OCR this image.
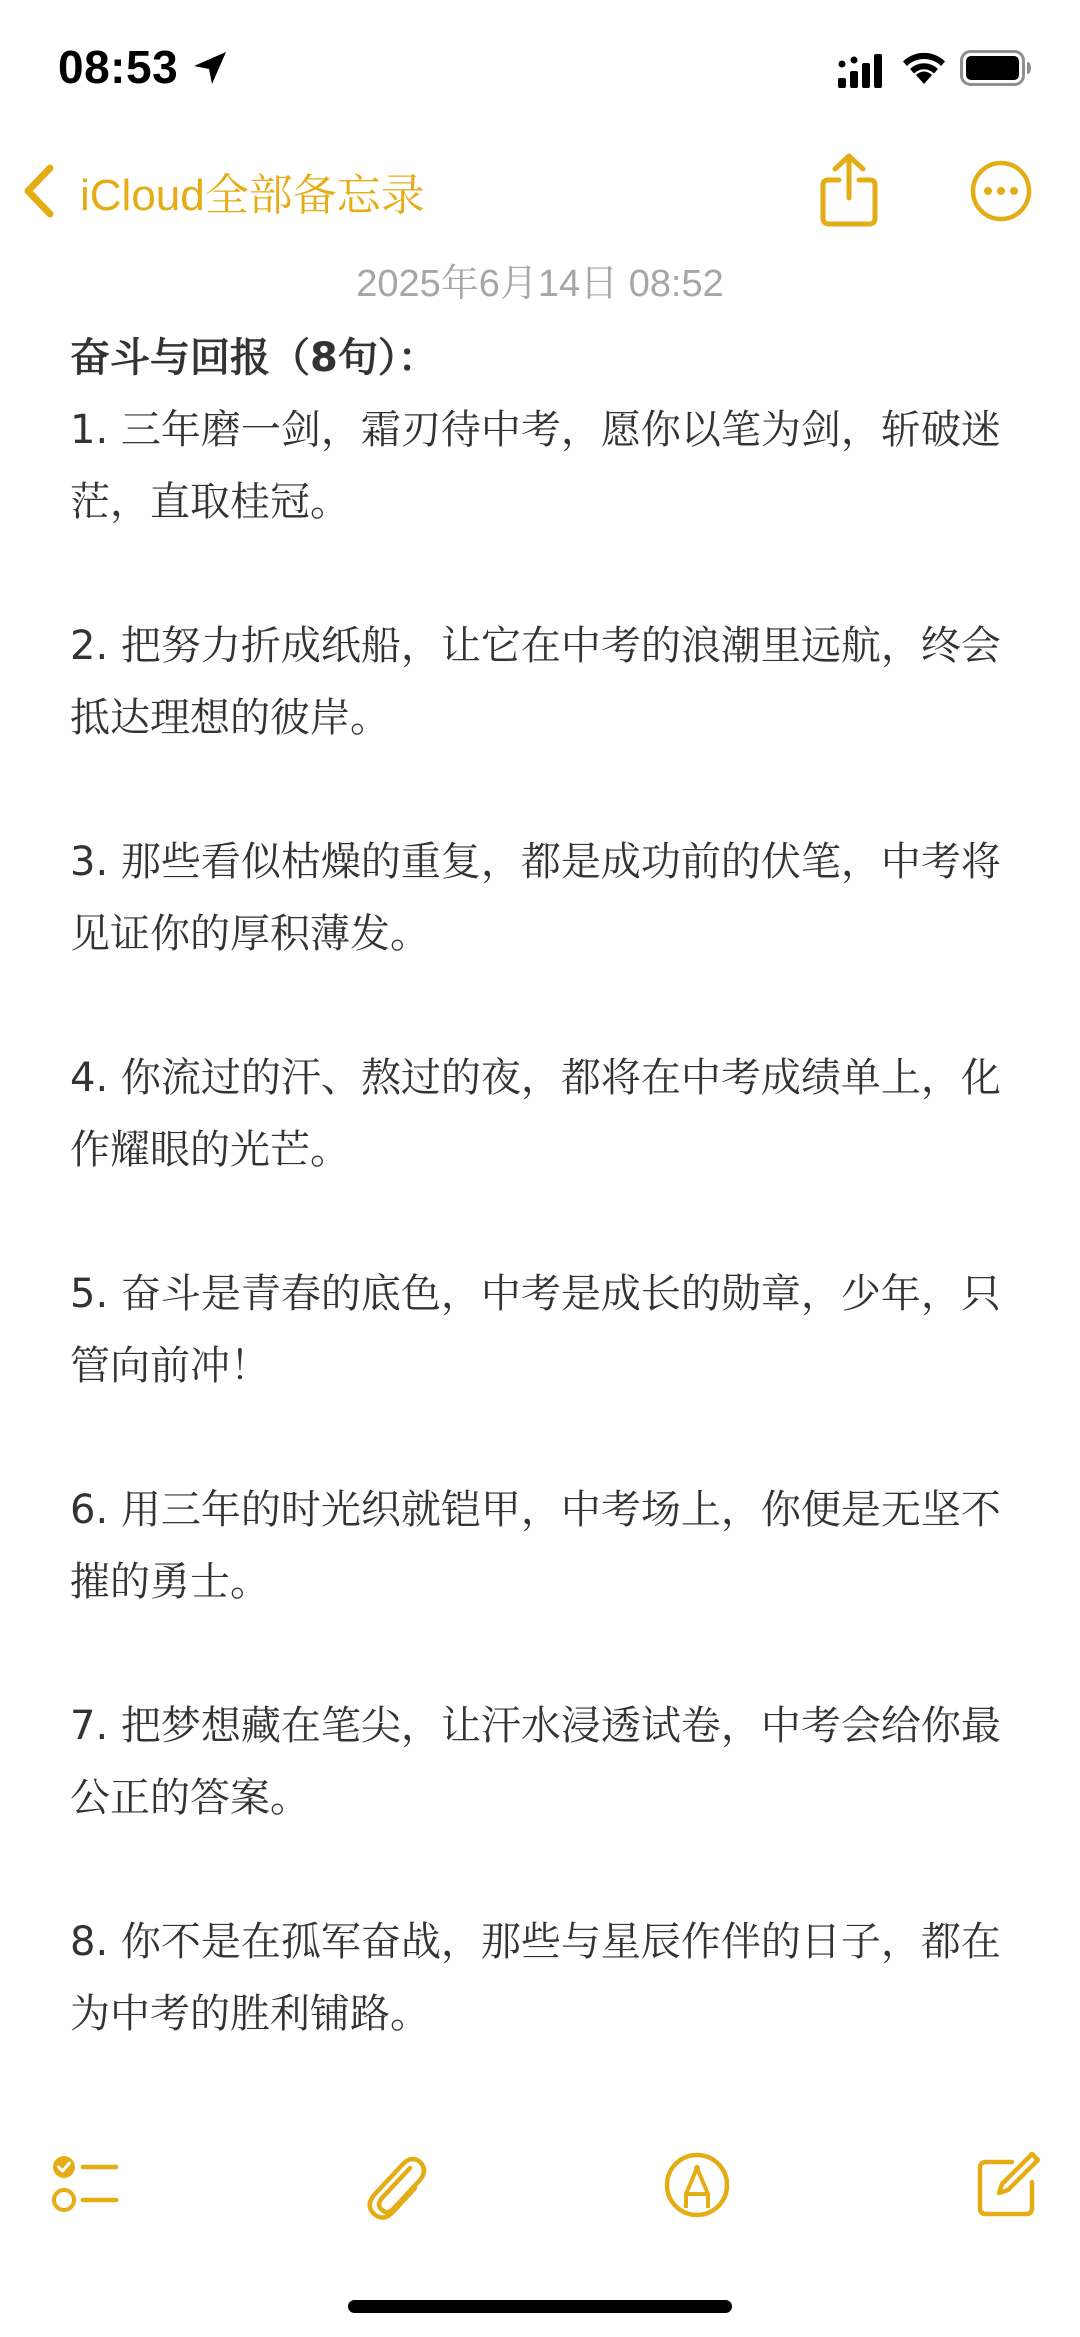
08:53
iCloud全部备忘录
2025年6月14日 08:52

奋斗与回报（8句）：

1. 三年磨一剑，霜刃待中考，愿你以笔为剑，斩破迷茫，直取桂冠。

2. 把努力折成纸船，让它在中考的浪潮里远航，终会抵达理想的彼岸。

3. 那些看似枯燥的重复，都是成功前的伏笔，中考将见证你的厚积薄发。

4. 你流过的汗、熬过的夜，都将在中考成绩单上，化作耀眼的光芒。

5. 奋斗是青春的底色，中考是成长的勋章，少年，只管向前冲！

6. 用三年的时光织就铠甲，中考场上，你便是无坚不摧的勇士。

7. 把梦想藏在笔尖，让汗水浸透试卷，中考会给你最公正的答案。

8. 你不是在孤军奋战，那些与星辰作伴的日子，都在为中考的胜利铺路。
